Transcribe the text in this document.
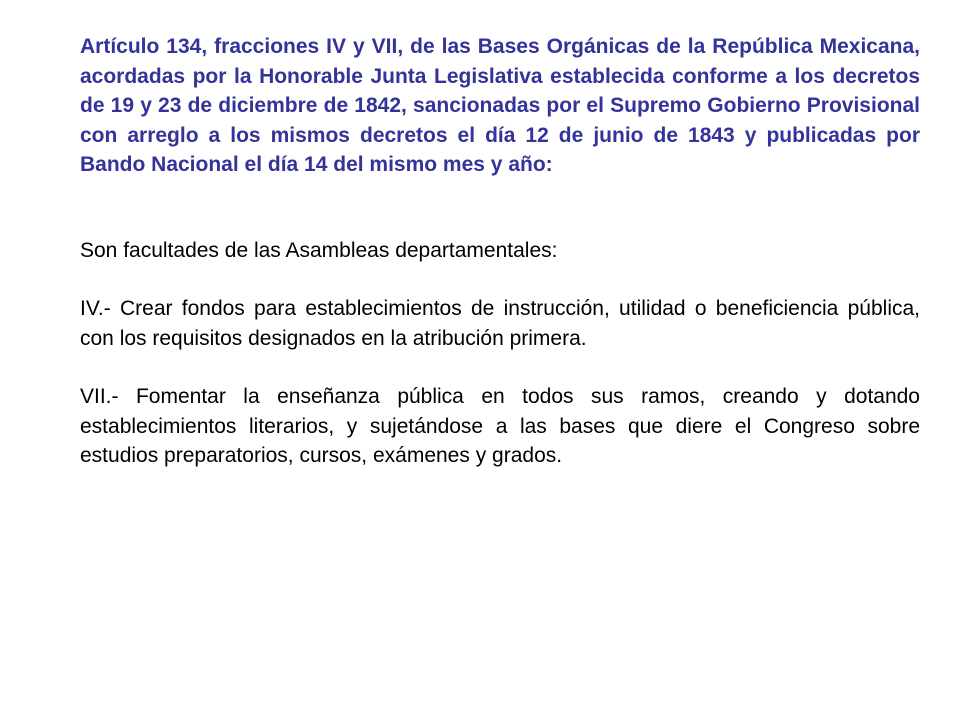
Artículo 134, fracciones IV y VII, de las Bases Orgánicas de la República Mexicana, acordadas por la Honorable Junta Legislativa establecida conforme a los decretos de 19 y 23 de diciembre de 1842, sancionadas por el Supremo Gobierno Provisional con arreglo a los mismos decretos el día 12 de junio de 1843 y publicadas por Bando Nacional el día 14 del mismo mes y año:

Son facultades de las Asambleas departamentales:

IV.- Crear fondos para establecimientos de instrucción, utilidad o beneficiencia pública, con los requisitos designados en la atribución primera.

VII.- Fomentar la enseñanza pública en todos sus ramos, creando y dotando establecimientos literarios, y sujetándose a las bases que diere el Congreso sobre estudios preparatorios, cursos, exámenes y grados.
